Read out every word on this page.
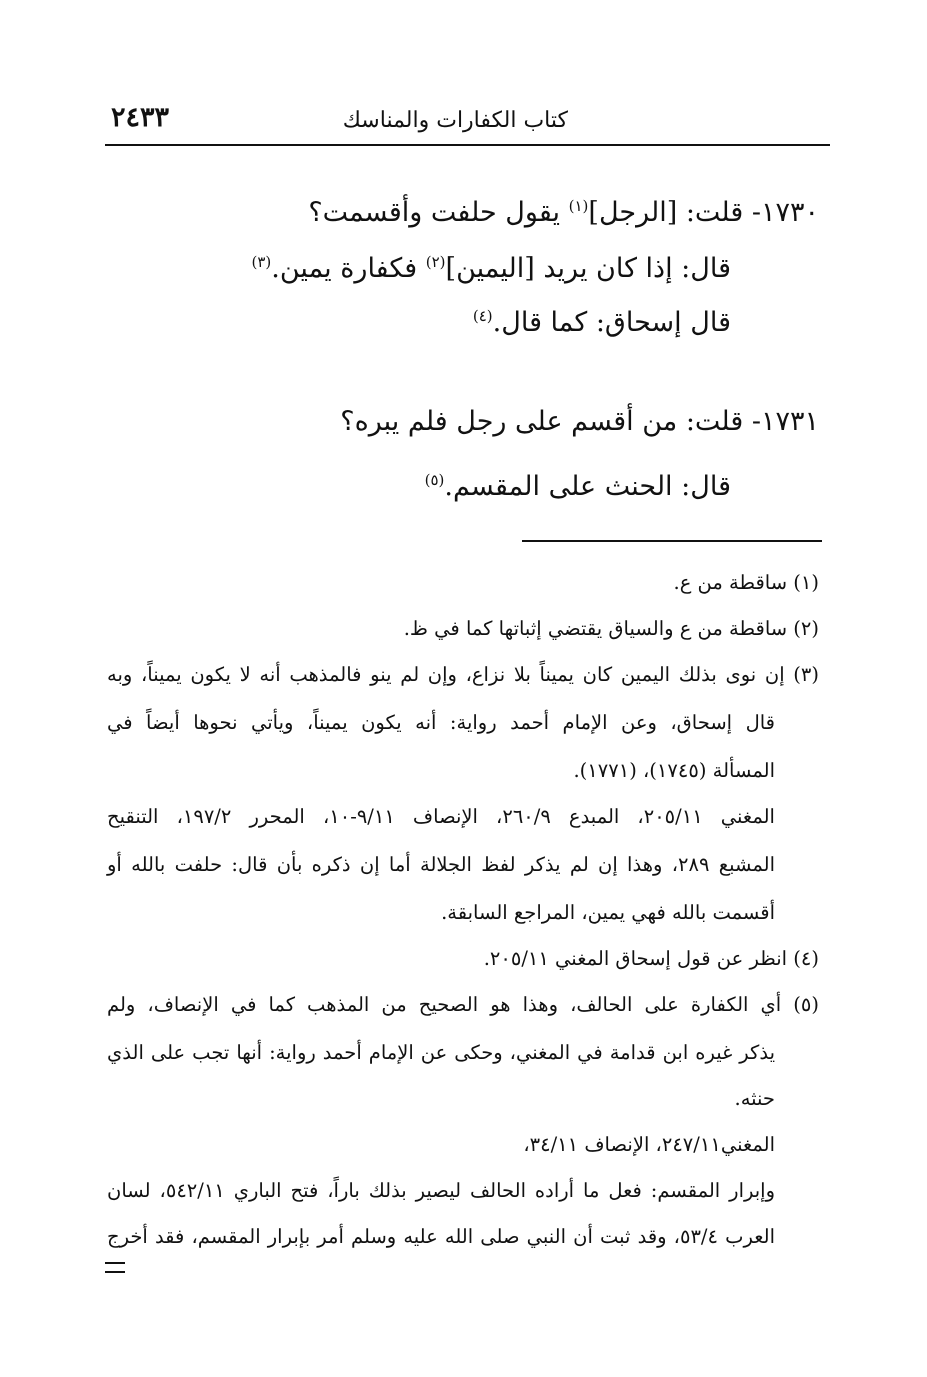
٢٤٣٣	كتاب الكفارات والمناسك
١٧٣٠- قلت: [الرجل]$^{(١)}$ يقول حلفت وأقسمت؟
قال: إذا كان يريد [اليمين]$^{(٢)}$ فكفارة يمين.$^{(٣)}$
قال إسحاق: كما قال.$^{(٤)}$
١٧٣١- قلت: من أقسم على رجل فلم يبره؟
قال: الحنث على المقسم.$^{(٥)}$
(١) ساقطة من ع.
(٢) ساقطة من ع والسياق يقتضي إثباتها كما في ظ.
(٣) إن نوى بذلك اليمين كان يميناً بلا نزاع، وإن لم ينو فالمذهب أنه لا يكون يميناً، وبه
قال إسحاق، وعن الإمام أحمد رواية: أنه يكون يميناً، ويأتي نحوها أيضاً في
المسألة (١٧٤٥)، (١٧٧١).
المغني ٢٠٥/١١، المبدع ٢٦٠/٩، الإنصاف ٩/١١-١٠، المحرر ١٩٧/٢، التنقيح
المشبع ٢٨٩، وهذا إن لم يذكر لفظ الجلالة أما إن ذكره بأن قال: حلفت بالله أو
أقسمت بالله فهي يمين، المراجع السابقة.
(٤) انظر عن قول إسحاق المغني ٢٠٥/١١.
(٥) أي الكفارة على الحالف، وهذا هو الصحيح من المذهب كما في الإنصاف، ولم
يذكر غيره ابن قدامة في المغني، وحكى عن الإمام أحمد رواية: أنها تجب على الذي
حنثه.
المغني٢٤٧/١١، الإنصاف ٣٤/١١،
وإبرار المقسم: فعل ما أراده الحالف ليصير بذلك باراً، فتح الباري ٥٤٢/١١، لسان
العرب ٥٣/٤، وقد ثبت أن النبي صلى الله عليه وسلم أمر بإبرار المقسم، فقد أخرج
